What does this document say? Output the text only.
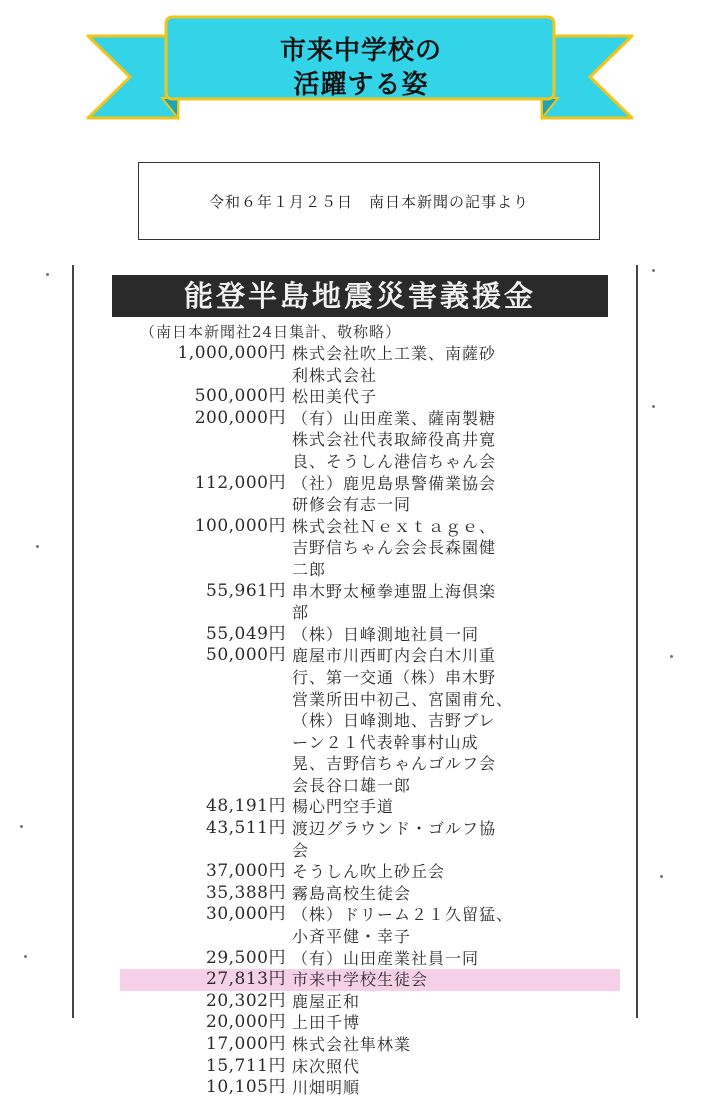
市来中学校の
活躍する姿
令和６年１月２５日　南日本新聞の記事より
能登半島地震災害義援金
（南日本新聞社24日集計、敬称略）
1,000,000円 株式会社吹上工業、南薩砂
利株式会社
500,000円 松田美代子
200,000円 （有）山田産業、薩南製糖
株式会社代表取締役髙井寛
良、そうしん港信ちゃん会
112,000円 （社）鹿児島県警備業協会
研修会有志一同
100,000円 株式会社Ｎｅｘｔａｇｅ、
吉野信ちゃん会会長森園健
二郎
55,961円 串木野太極拳連盟上海倶楽
部
55,049円 （株）日峰測地社員一同
50,000円 鹿屋市川西町内会白木川重
行、第一交通（株）串木野
営業所田中初己、宮園甫允、
（株）日峰測地、吉野ブレ
ーン２１代表幹事村山成
晃、吉野信ちゃんゴルフ会
会長谷口雄一郎
48,191円 楊心門空手道
43,511円 渡辺グラウンド・ゴルフ協
会
37,000円 そうしん吹上砂丘会
35,388円 霧島高校生徒会
30,000円 （株）ドリーム２１久留猛、
小斉平健・幸子
29,500円 （有）山田産業社員一同
27,813円 市来中学校生徒会
20,302円 鹿屋正和
20,000円 上田千博
17,000円 株式会社隼林業
15,711円 床次照代
10,105円 川畑明順
